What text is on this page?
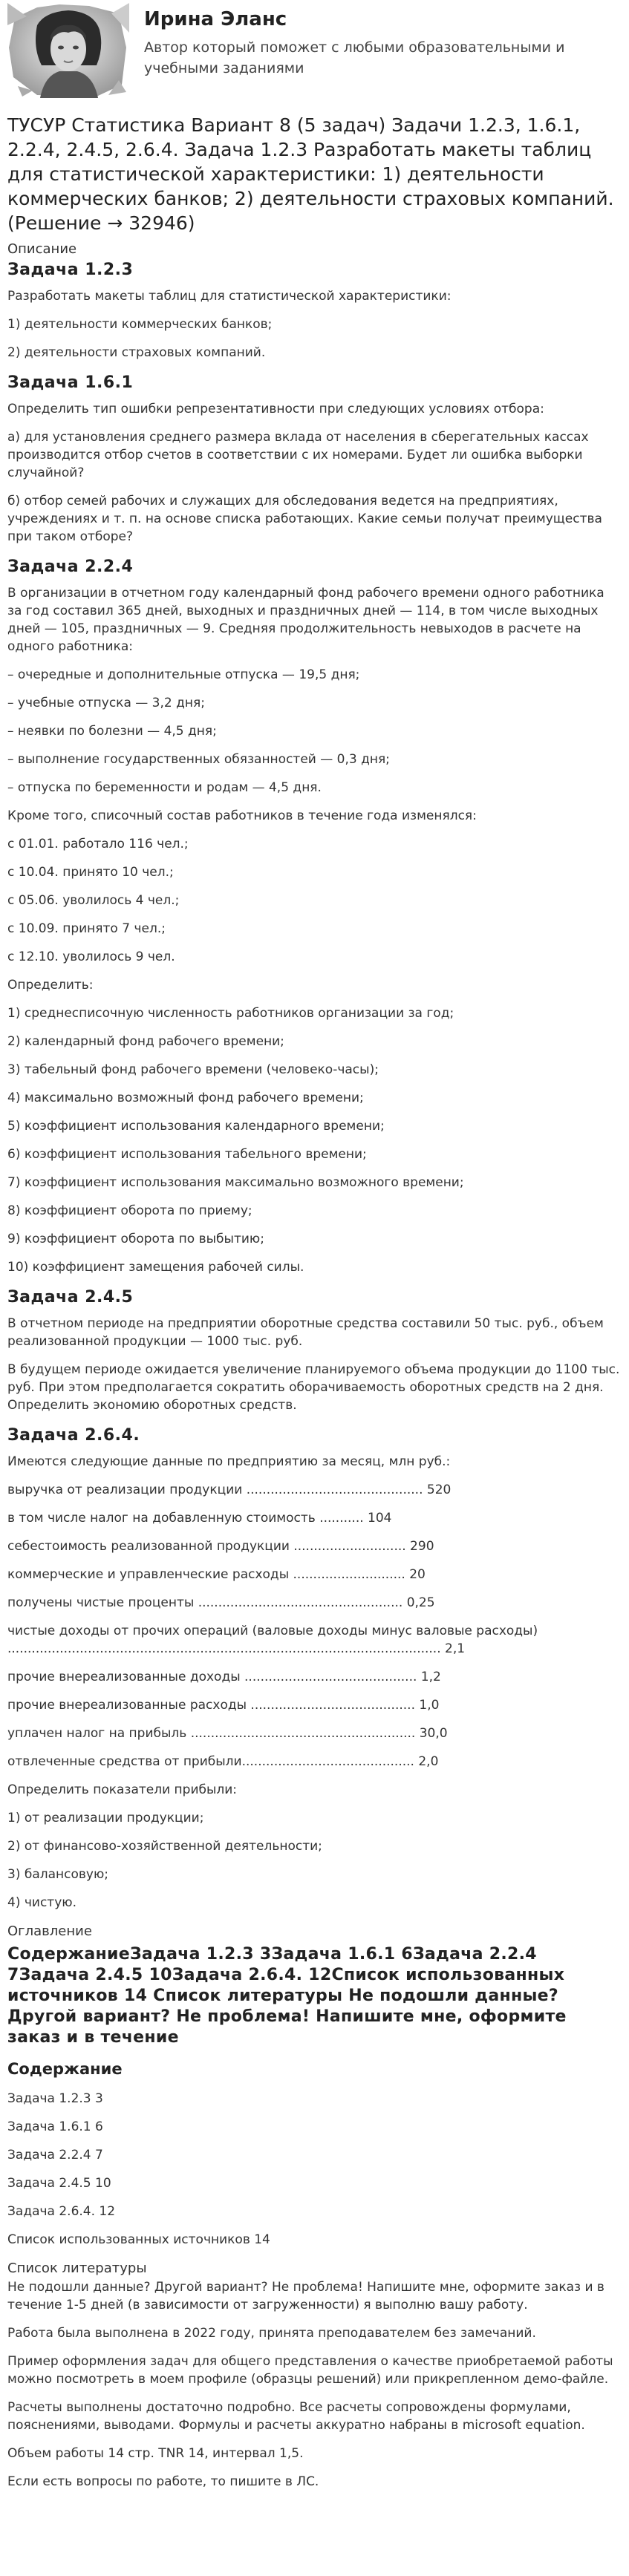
Ирина Эланс
Автор который поможет с любыми образовательными и учебными заданиями
ТУСУР Статистика Вариант 8 (5 задач) Задачи 1.2.3, 1.6.1, 2.2.4, 2.4.5, 2.6.4. Задача 1.2.3 Разработать макеты таблиц для статистической характеристики: 1) деятельности коммерческих банков; 2) деятельности страховых компаний. (Решение → 32946)
Описание
Задача 1.2.3

Разработать макеты таблиц для статистической характеристики:

1) деятельности коммерческих банков;

2) деятельности страховых компаний.

Задача 1.6.1

Определить тип ошибки репрезентативности при следующих условиях отбора:

а) для установления среднего размера вклада от населения в сберегательных кассах производится отбор счетов в соответствии с их номерами. Будет ли ошибка выборки случайной?

б) отбор семей рабочих и служащих для обследования ведется на предприятиях, учреждениях и т. п. на основе списка работающих. Какие семьи получат преимущества при таком отборе?

Задача 2.2.4

В организации в отчетном году календарный фонд рабочего времени одного работника за год составил 365 дней, выходных и праздничных дней — 114, в том числе выходных дней — 105, праздничных — 9. Средняя продолжительность невыходов в расчете на одного работника:

– очередные и дополнительные отпуска — 19,5 дня;

– учебные отпуска — 3,2 дня;

– неявки по болезни — 4,5 дня;

– выполнение государственных обязанностей — 0,3 дня;

– отпуска по беременности и родам — 4,5 дня.

Кроме того, списочный состав работников в течение года изменялся:

с 01.01. работало 116 чел.;

с 10.04. принято 10 чел.;

с 05.06. уволилось 4 чел.;

с 10.09. принято 7 чел.;

с 12.10. уволилось 9 чел.

Определить:

1) среднесписочную численность работников организации за год;

2) календарный фонд рабочего времени;

3) табельный фонд рабочего времени (человеко-часы);

4) максимально возможный фонд рабочего времени;

5) коэффициент использования календарного времени;

6) коэффициент использования табельного времени;

7) коэффициент использования максимально возможного времени;

8) коэффициент оборота по приему;

9) коэффициент оборота по выбытию;

10) коэффициент замещения рабочей силы.

Задача 2.4.5

В отчетном периоде на предприятии оборотные средства составили 50 тыс. руб., объем реализованной продукции — 1000 тыс. руб.

В будущем периоде ожидается увеличение планируемого объема продукции до 1100 тыс. руб. При этом предполагается сократить оборачиваемость оборотных средств на 2 дня. Определить экономию оборотных средств.

Задача 2.6.4.

Имеются следующие данные по предприятию за месяц, млн руб.:

выручка от реализации продукции ............................................ 520

в том числе налог на добавленную стоимость ........... 104

себестоимость реализованной продукции ............................ 290

коммерческие и управленческие расходы ............................ 20

получены чистые проценты ................................................... 0,25

чистые доходы от прочих операций (валовые доходы минус валовые расходы) ............................................................................................................ 2,1

прочие внереализованные доходы ........................................... 1,2

прочие внереализованные расходы ......................................... 1,0

уплачен налог на прибыль ........................................................ 30,0

отвлеченные средства от прибыли........................................... 2,0

Определить показатели прибыли:

1) от реализации продукции;

2) от финансово-хозяйственной деятельности;

3) балансовую;

4) чистую.

Оглавление
СодержаниеЗадача 1.2.3 3Задача 1.6.1 6Задача 2.2.4 7Задача 2.4.5 10Задача 2.6.4. 12Список использованных источников 14 Список литературы Не подошли данные? Другой вариант? Не проблема! Напишите мне, оформите заказ и в течение
Содержание

Задача 1.2.3 3

Задача 1.6.1 6

Задача 2.2.4 7

Задача 2.4.5 10

Задача 2.6.4. 12

Список использованных источников 14

Список литературы

Не подошли данные? Другой вариант? Не проблема! Напишите мне, оформите заказ и в течение 1-5 дней (в зависимости от загруженности) я выполню вашу работу.

Работа была выполнена в 2022 году, принята преподавателем без замечаний.

Пример оформления задач для общего представления о качестве приобретаемой работы можно посмотреть в моем профиле (образцы решений) или прикрепленном демо-файле.

Расчеты выполнены достаточно подробно. Все расчеты сопровождены формулами, пояснениями, выводами. Формулы и расчеты аккуратно набраны в microsoft equation.

Объем работы 14 стр. TNR 14, интервал 1,5.

Если есть вопросы по работе, то пишите в ЛС.
